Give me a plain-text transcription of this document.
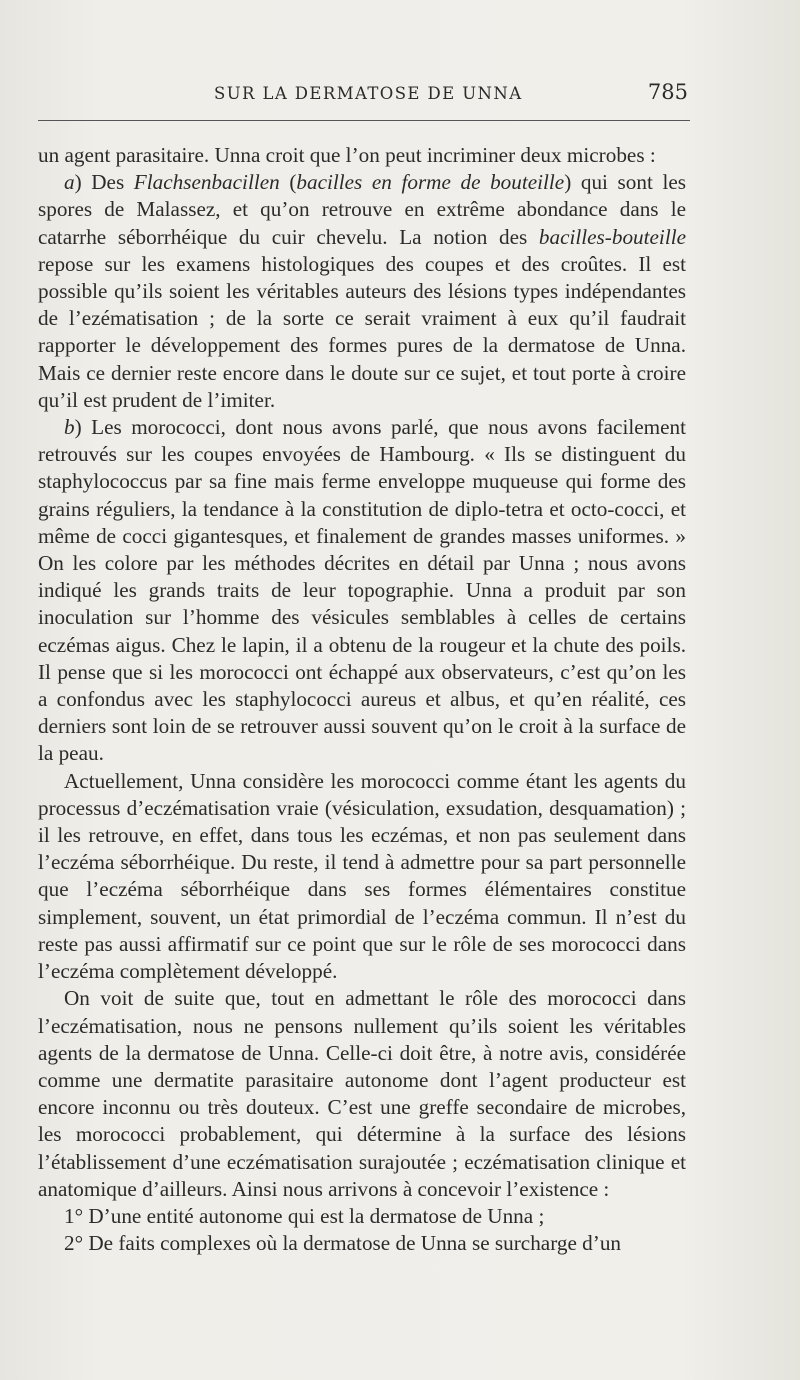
SUR LA DERMATOSE DE UNNA	785

un agent parasitaire. Unna croit que l’on peut incriminer deux microbes :

a) Des Flachsenbacillen (bacilles en forme de bouteille) qui sont les spores de Malassez, et qu’on retrouve en extrême abondance dans le catarrhe séborrhéique du cuir chevelu. La notion des bacilles-bouteille repose sur les examens histologiques des coupes et des croûtes. Il est possible qu’ils soient les véritables auteurs des lésions types indépendantes de l’ezématisation ; de la sorte ce serait vraiment à eux qu’il faudrait rapporter le développement des formes pures de la dermatose de Unna. Mais ce dernier reste encore dans le doute sur ce sujet, et tout porte à croire qu’il est prudent de l’imiter.

b) Les morococci, dont nous avons parlé, que nous avons facilement retrouvés sur les coupes envoyées de Hambourg. « Ils se distinguent du staphylococcus par sa fine mais ferme enveloppe muqueuse qui forme des grains réguliers, la tendance à la constitution de diplo-tetra et octo-cocci, et même de cocci gigantesques, et finalement de grandes masses uniformes. » On les colore par les méthodes décrites en détail par Unna ; nous avons indiqué les grands traits de leur topographie. Unna a produit par son inoculation sur l’homme des vésicules semblables à celles de certains eczémas aigus. Chez le lapin, il a obtenu de la rougeur et la chute des poils. Il pense que si les morococci ont échappé aux observateurs, c’est qu’on les a confondus avec les staphylococci aureus et albus, et qu’en réalité, ces derniers sont loin de se retrouver aussi souvent qu’on le croit à la surface de la peau.

Actuellement, Unna considère les morococci comme étant les agents du processus d’eczématisation vraie (vésiculation, exsudation, desquamation) ; il les retrouve, en effet, dans tous les eczémas, et non pas seulement dans l’eczéma séborrhéique. Du reste, il tend à admettre pour sa part personnelle que l’eczéma séborrhéique dans ses formes élémentaires constitue simplement, souvent, un état primordial de l’eczéma commun. Il n’est du reste pas aussi affirmatif sur ce point que sur le rôle de ses morococci dans l’eczéma complètement développé.

On voit de suite que, tout en admettant le rôle des morococci dans l’eczématisation, nous ne pensons nullement qu’ils soient les véritables agents de la dermatose de Unna. Celle-ci doit être, à notre avis, considérée comme une dermatite parasitaire autonome dont l’agent producteur est encore inconnu ou très douteux. C’est une greffe secondaire de microbes, les morococci probablement, qui détermine à la surface des lésions l’établissement d’une eczématisation surajoutée ; eczématisation clinique et anatomique d’ailleurs. Ainsi nous arrivons à concevoir l’existence :

1° D’une entité autonome qui est la dermatose de Unna ;

2° De faits complexes où la dermatose de Unna se surcharge d’un
